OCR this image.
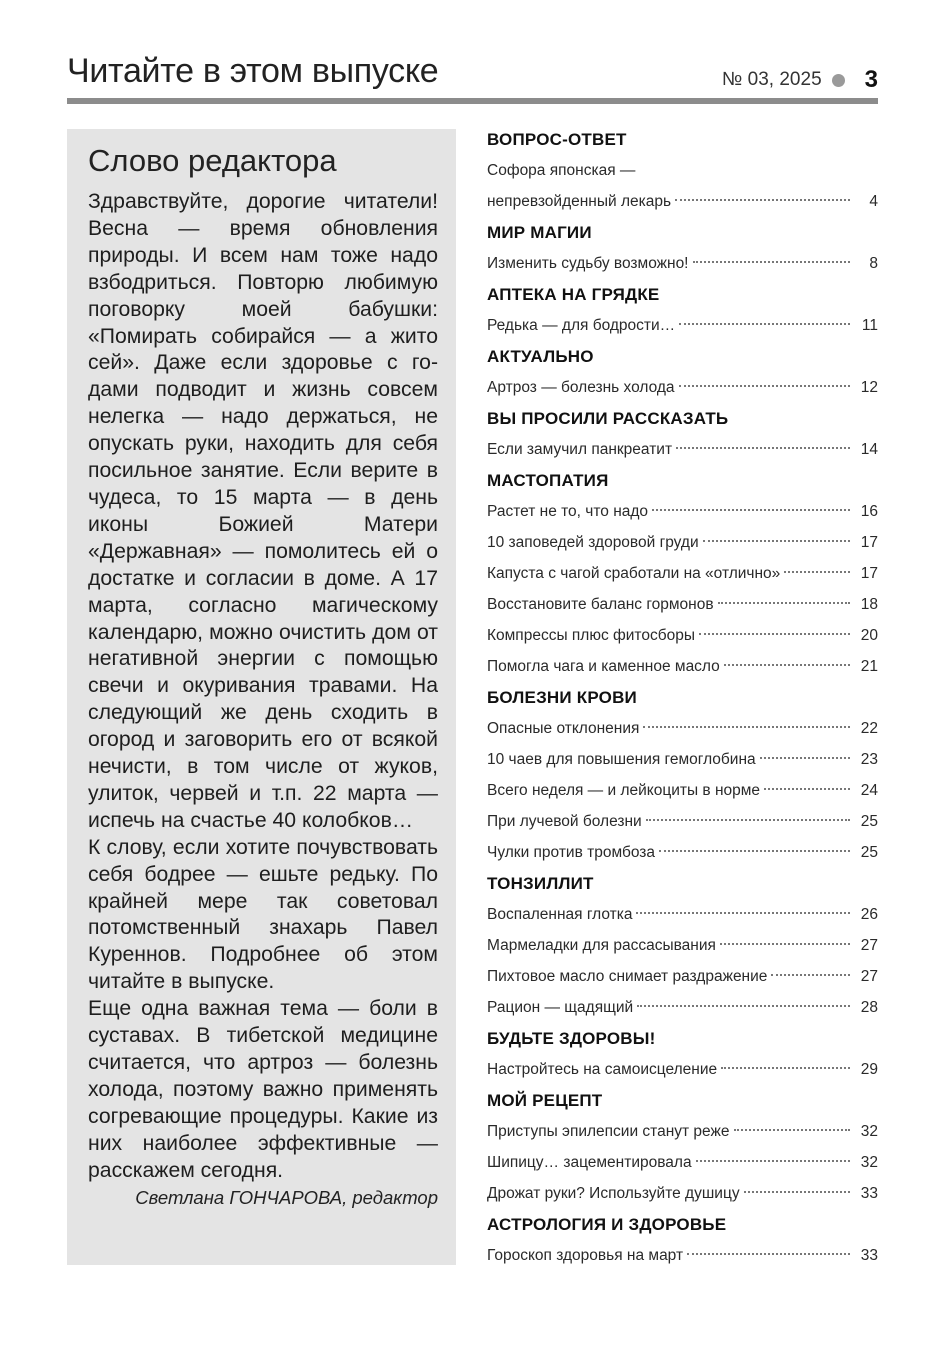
Читайте в этом выпуске	№ 03, 2025 3
Слово редактора

Здравствуйте, дорогие читатели! Весна — время обновления природы. И всем нам тоже надо взбодриться. Повторю любимую поговорку моей бабушки: «Помирать собирайся — а жито сей». Даже если здоровье с годами подводит и жизнь совсем нелегка — надо держаться, не опускать руки, находить для себя посильное занятие. Если верите в чудеса, то 15 марта — в день иконы Божией Матери «Державная» — помолитесь ей о достатке и согласии в доме. А 17 марта, согласно магическому календарю, можно очистить дом от негативной энергии с помощью свечи и окуривания травами. На следующий же день сходить в огород и заговорить его от всякой нечисти, в том числе от жуков, улиток, червей и т.п. 22 марта — испечь на счастье 40 колобков…

К слову, если хотите почувствовать себя бодрее — ешьте редьку. По крайней мере так советовал потомственный знахарь Павел Куреннов. Подробнее об этом читайте в выпуске.

Еще одна важная тема — боли в суставах. В тибетской медицине считается, что артроз — болезнь холода, поэтому важно применять согревающие процедуры. Какие из них наиболее эффективные — расскажем сегодня.

Светлана ГОНЧАРОВА, редактор
ВОПРОС-ОТВЕТ
Софора японская —
непревзойденный лекарь	4
МИР МАГИИ
Изменить судьбу возможно!	8
АПТЕКА НА ГРЯДКЕ
Редька — для бодрости…	11
АКТУАЛЬНО
Артроз — болезнь холода	12
ВЫ ПРОСИЛИ РАССКАЗАТЬ
Если замучил панкреатит	14
МАСТОПАТИЯ
Растет не то, что надо	16
10 заповедей здоровой груди	17
Капуста с чагой сработали на «отлично»	17
Восстановите баланс гормонов	18
Компрессы плюс фитосборы	20
Помогла чага и каменное масло	21
БОЛЕЗНИ КРОВИ
Опасные отклонения	22
10 чаев для повышения гемоглобина	23
Всего неделя — и лейкоциты в норме	24
При лучевой болезни	25
Чулки против тромбоза	25
ТОНЗИЛЛИТ
Воспаленная глотка	26
Мармеладки для рассасывания	27
Пихтовое масло снимает раздражение	27
Рацион — щадящий	28
БУДЬТЕ ЗДОРОВЫ!
Настройтесь на самоисцеление	29
МОЙ РЕЦЕПТ
Приступы эпилепсии станут реже	32
Шипицу… зацементировала	32
Дрожат руки? Используйте душицу	33
АСТРОЛОГИЯ И ЗДОРОВЬЕ
Гороскоп здоровья на март	33
